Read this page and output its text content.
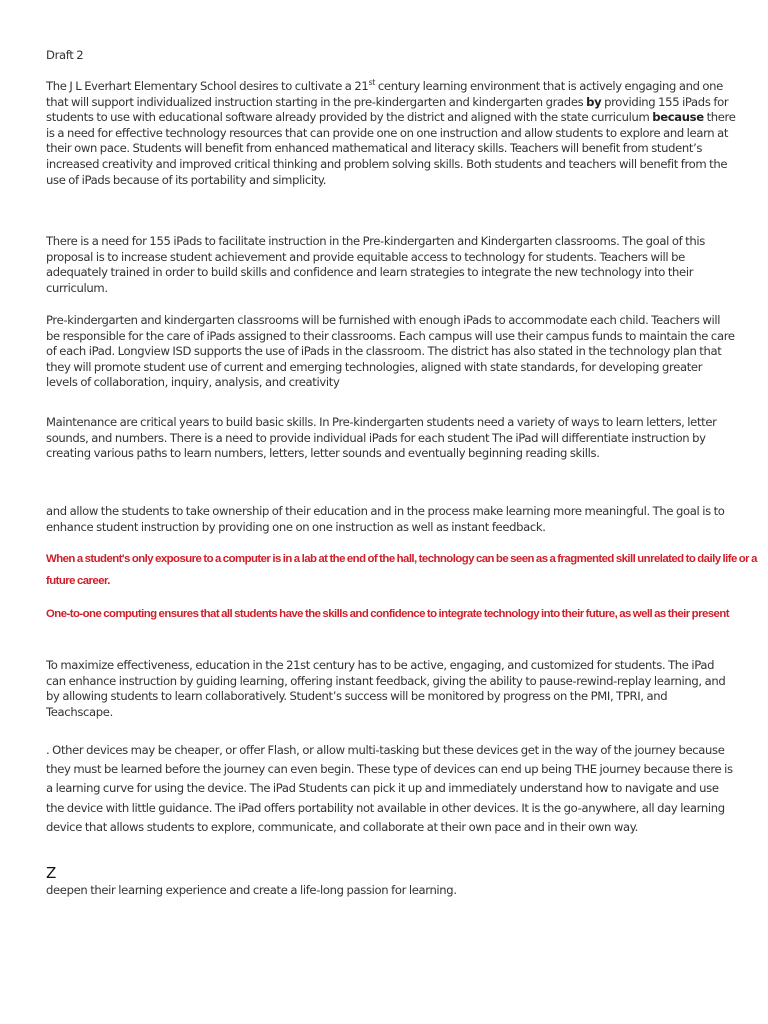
Draft 2

The J L Everhart Elementary School desires to cultivate a 21st century learning environment that is actively engaging and one that will support individualized instruction starting in the pre-kindergarten and kindergarten grades by providing 155 iPads for students to use with educational software already provided by the district and aligned with the state curriculum because there is a need for effective technology resources that can provide one on one instruction and allow students to explore and learn at their own pace. Students will benefit from enhanced mathematical and literacy skills. Teachers will benefit from student’s increased creativity and improved critical thinking and problem solving skills. Both students and teachers will benefit from the use of iPads because of its portability and simplicity.

There is a need for 155 iPads to facilitate instruction in the Pre-kindergarten and Kindergarten classrooms. The goal of this proposal is to increase student achievement and provide equitable access to technology for students. Teachers will be adequately trained in order to build skills and confidence and learn strategies to integrate the new technology into their curriculum.

Pre-kindergarten and kindergarten classrooms will be furnished with enough iPads to accommodate each child. Teachers will be responsible for the care of iPads assigned to their classrooms. Each campus will use their campus funds to maintain the care of each iPad. Longview ISD supports the use of iPads in the classroom. The district has also stated in the technology plan that they will promote student use of current and emerging technologies, aligned with state standards, for developing greater levels of collaboration, inquiry, analysis, and creativity

Maintenance are critical years to build basic skills. In Pre-kindergarten students need a variety of ways to learn letters, letter sounds, and numbers. There is a need to provide individual iPads for each student The iPad will differentiate instruction by creating various paths to learn numbers, letters, letter sounds and eventually beginning reading skills.

and allow the students to take ownership of their education and in the process make learning more meaningful. The goal is to enhance student instruction by providing one on one instruction as well as instant feedback.

When a student's only exposure to a computer is in a lab at the end of the hall, technology can be seen as a fragmented skill unrelated to daily life or a future career.

One-to-one computing ensures that all students have the skills and confidence to integrate technology into their future, as well as their present

To maximize effectiveness, education in the 21st century has to be active, engaging, and customized for students. The iPad can enhance instruction by guiding learning, offering instant feedback, giving the ability to pause-rewind-replay learning, and by allowing students to learn collaboratively. Student’s success will be monitored by progress on the PMI, TPRI, and Teachscape.

. Other devices may be cheaper, or offer Flash, or allow multi-tasking but these devices get in the way of the journey because they must be learned before the journey can even begin. These type of devices can end up being THE journey because there is a learning curve for using the device. The iPad Students can pick it up and immediately understand how to navigate and use the device with little guidance. The iPad offers portability not available in other devices. It is the go-anywhere, all day learning device that allows students to explore, communicate, and collaborate at their own pace and in their own way.

Z

deepen their learning experience and create a life-long passion for learning.
